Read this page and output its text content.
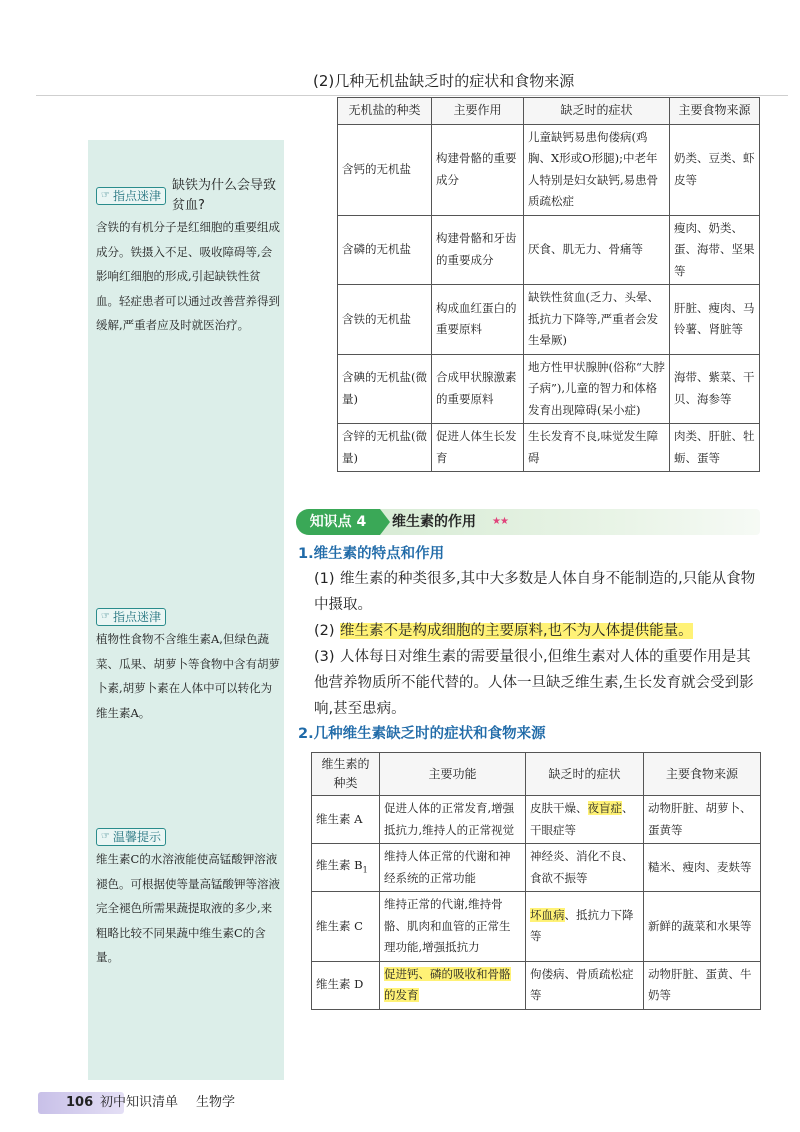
☞ 指点迷津
缺铁为什么会导致贫血?
含铁的有机分子是红细胞的重要组成成分。铁摄入不足、吸收障碍等,会影响红细胞的形成,引起缺铁性贫血。轻症患者可以通过改善营养得到缓解,严重者应及时就医治疗。
☞ 指点迷津
植物性食物不含维生素A,但绿色蔬菜、瓜果、胡萝卜等食物中含有胡萝卜素,胡萝卜素在人体中可以转化为维生素A。
☞ 温馨提示
维生素C的水溶液能使高锰酸钾溶液褪色。可根据使等量高锰酸钾等溶液完全褪色所需果蔬提取液的多少,来粗略比较不同果蔬中维生素C的含量。
(2)几种无机盐缺乏时的症状和食物来源
无机盐的种类	主要作用	缺乏时的症状	主要食物来源
含钙的无机盐	构建骨骼的重要成分	儿童缺钙易患佝偻病(鸡胸、X形或O形腿);中老年人特别是妇女缺钙,易患骨质疏松症	奶类、豆类、虾皮等
含磷的无机盐	构建骨骼和牙齿的重要成分	厌食、肌无力、骨痛等	瘦肉、奶类、蛋、海带、坚果等
含铁的无机盐	构成血红蛋白的重要原料	缺铁性贫血(乏力、头晕、抵抗力下降等,严重者会发生晕厥)	肝脏、瘦肉、马铃薯、肾脏等
含碘的无机盐(微量)	合成甲状腺激素的重要原料	地方性甲状腺肿(俗称“大脖子病”),儿童的智力和体格发育出现障碍(呆小症)	海带、紫菜、干贝、海参等
含锌的无机盐(微量)	促进人体生长发育	生长发育不良,味觉发生障碍	肉类、肝脏、牡蛎、蛋等
知识点 4	维生素的作用 ★★
1.维生素的特点和作用
(1) 维生素的种类很多,其中大多数是人体自身不能制造的,只能从食物中摄取。
(2) 维生素不是构成细胞的主要原料,也不为人体提供能量。
(3) 人体每日对维生素的需要量很小,但维生素对人体的重要作用是其他营养物质所不能代替的。人体一旦缺乏维生素,生长发育就会受到影响,甚至患病。
2.几种维生素缺乏时的症状和食物来源
维生素的种类	主要功能	缺乏时的症状	主要食物来源
维生素 A	促进人体的正常发育,增强抵抗力,维持人的正常视觉	皮肤干燥、夜盲症、干眼症等	动物肝脏、胡萝卜、蛋黄等
维生素 $B_1$	维持人体正常的代谢和神经系统的正常功能	神经炎、消化不良、食欲不振等	糙米、瘦肉、麦麸等
维生素 C	维持正常的代谢,维持骨骼、肌肉和血管的正常生理功能,增强抵抗力	坏血病、抵抗力下降等	新鲜的蔬菜和水果等
维生素 D	促进钙、磷的吸收和骨骼的发育	佝偻病、骨质疏松症等	动物肝脏、蛋黄、牛奶等
106 初中知识清单 生物学
